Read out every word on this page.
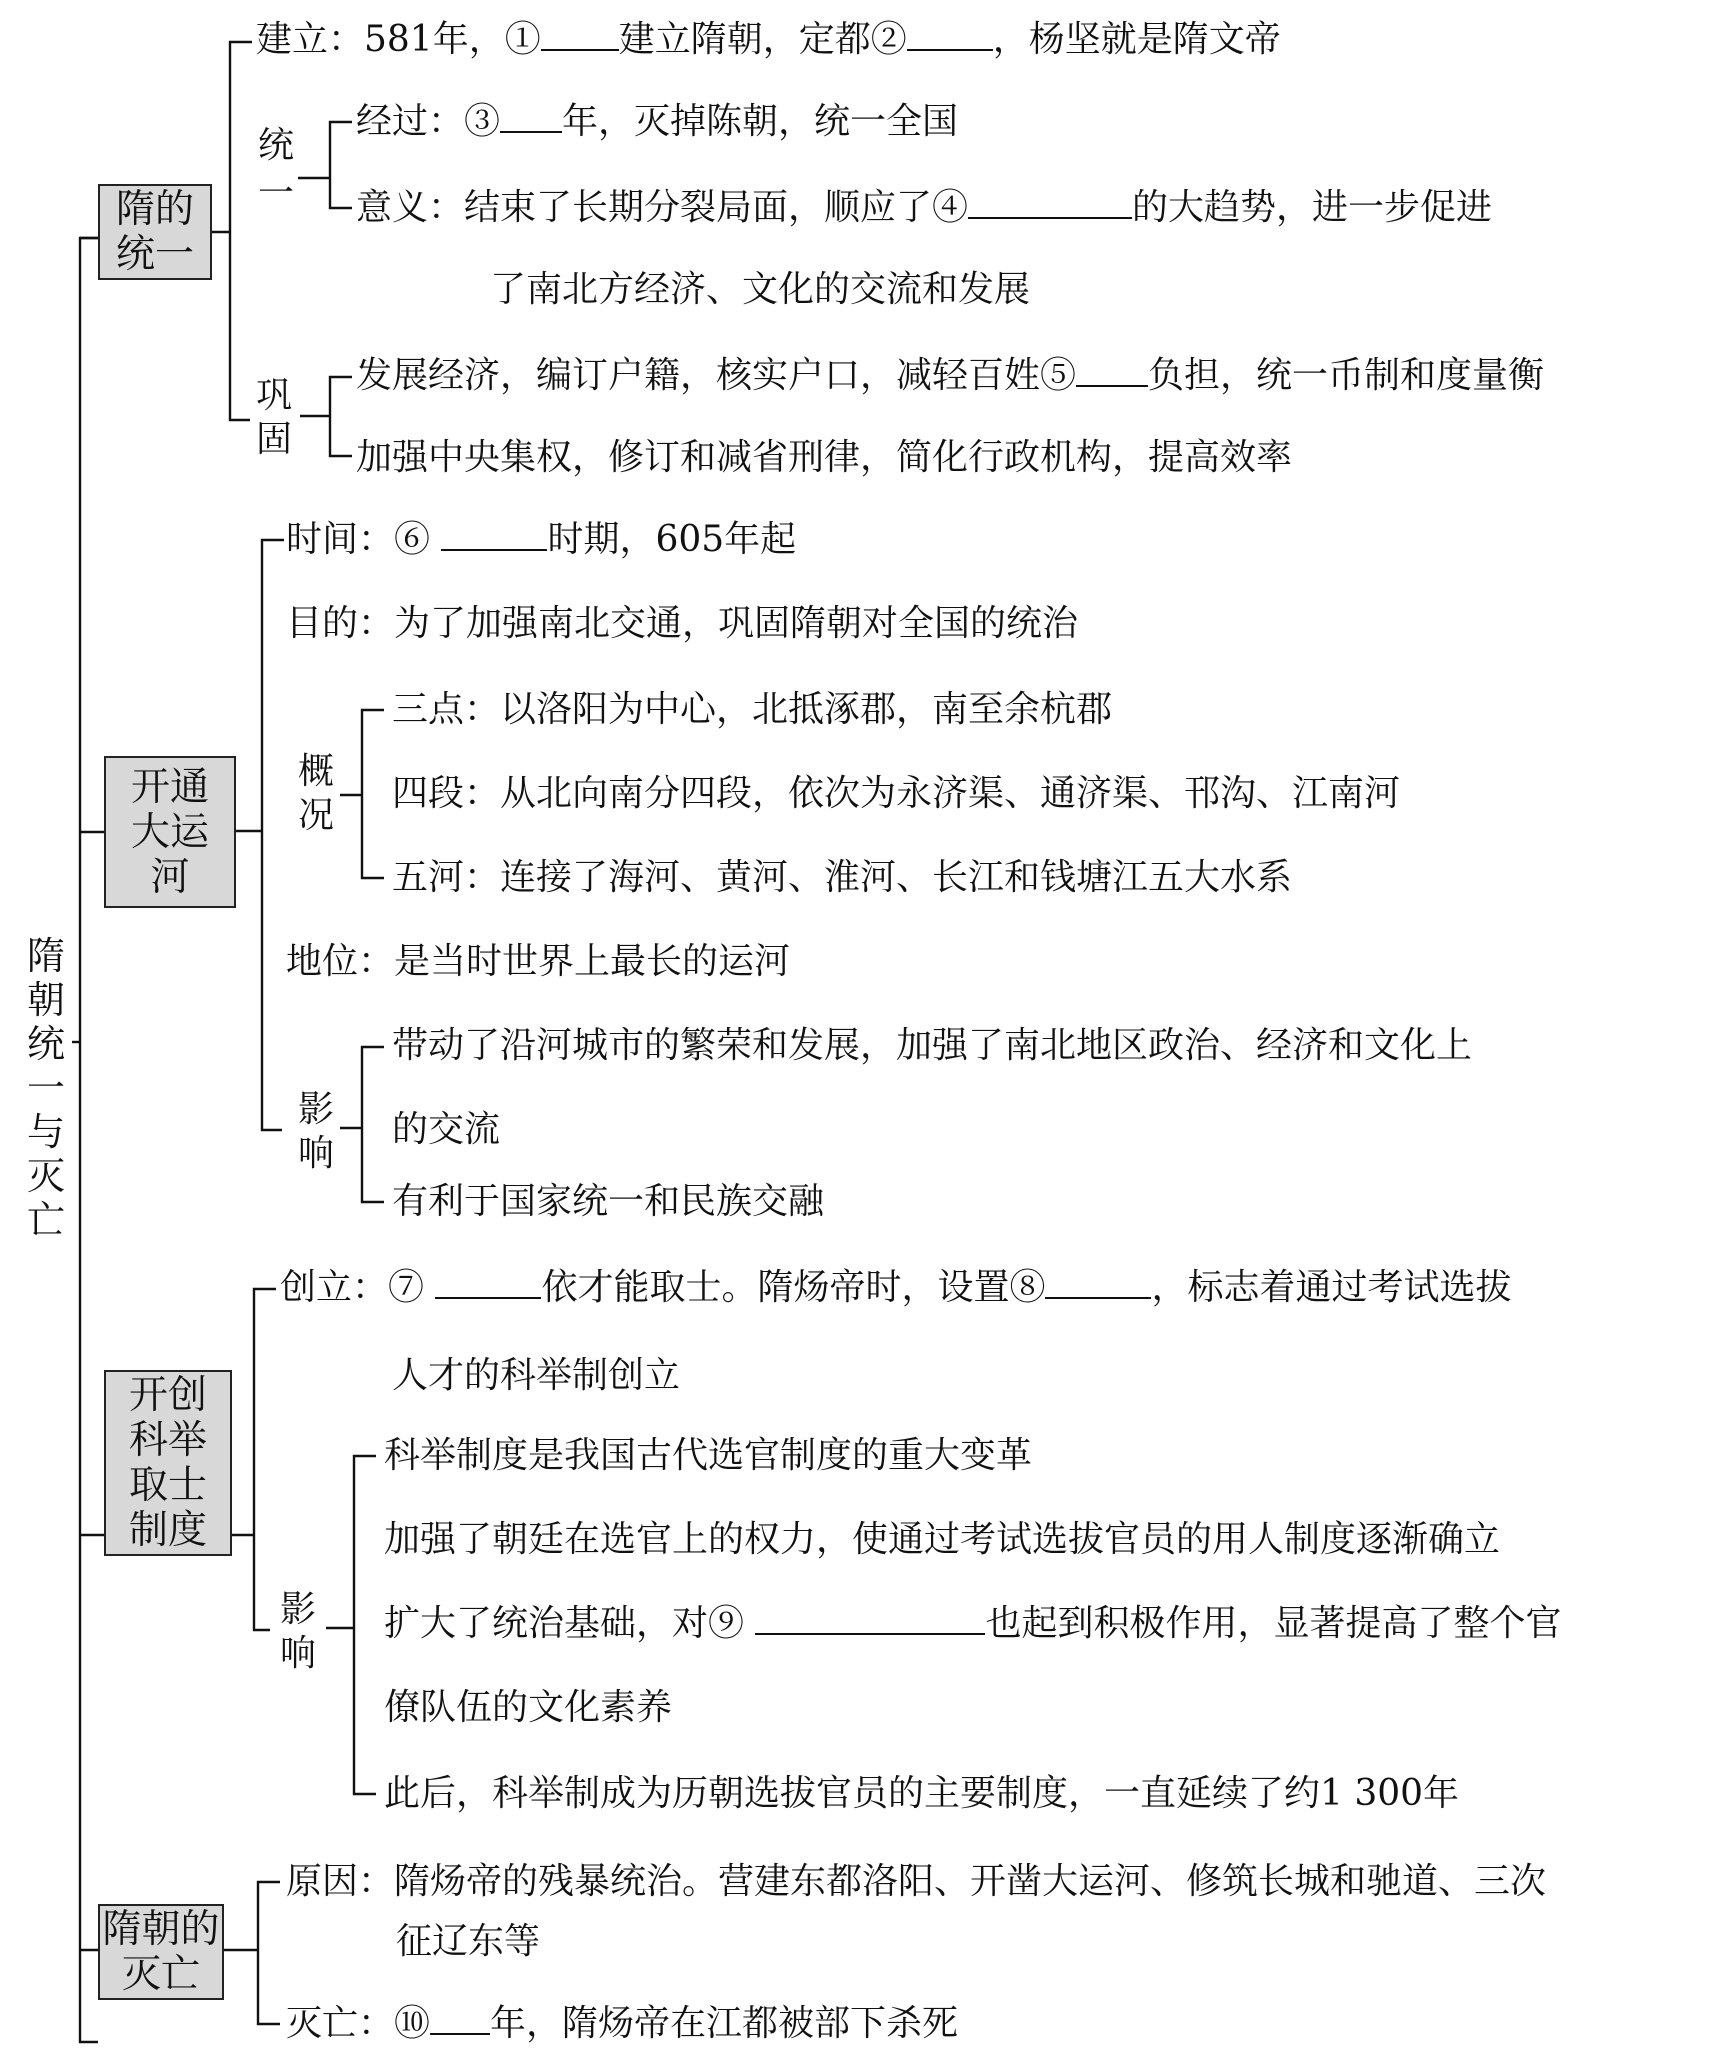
隋朝统一与灭亡
隋的统一
建立：581年，① 建立隋朝，定都② ，杨坚就是隋文帝
统一
经过：③ 年，灭掉陈朝，统一全国
意义：结束了长期分裂局面，顺应了④	的大趋势，进一步促进
了南北方经济、文化的交流和发展
巩固
发展经济，编订户籍，核实户口，减轻百姓⑤ 负担，统一币制和度量衡
加强中央集权，修订和减省刑律，简化行政机构，提高效率
开通大运河
时间：⑥	时期，605年起
目的：为了加强南北交通，巩固隋朝对全国的统治
概况
三点：以洛阳为中心，北抵涿郡，南至余杭郡
四段：从北向南分四段，依次为永济渠、通济渠、邗沟、江南河
五河：连接了海河、黄河、淮河、长江和钱塘江五大水系
地位：是当时世界上最长的运河
影响
带动了沿河城市的繁荣和发展，加强了南北地区政治、经济和文化上
的交流
有利于国家统一和民族交融
开创科举取士制度
创立：⑦	依才能取士。隋炀帝时，设置⑧	，标志着通过考试选拔
人才的科举制创立
影响
科举制度是我国古代选官制度的重大变革
加强了朝廷在选官上的权力，使通过考试选拔官员的用人制度逐渐确立
扩大了统治基础，对⑨	也起到积极作用，显著提高了整个官
僚队伍的文化素养
此后，科举制成为历朝选拔官员的主要制度，一直延续了约1 300年
隋朝的灭亡
原因：隋炀帝的残暴统治。营建东都洛阳、开凿大运河、修筑长城和驰道、三次
征辽东等
灭亡：⑩ 年，隋炀帝在江都被部下杀死
